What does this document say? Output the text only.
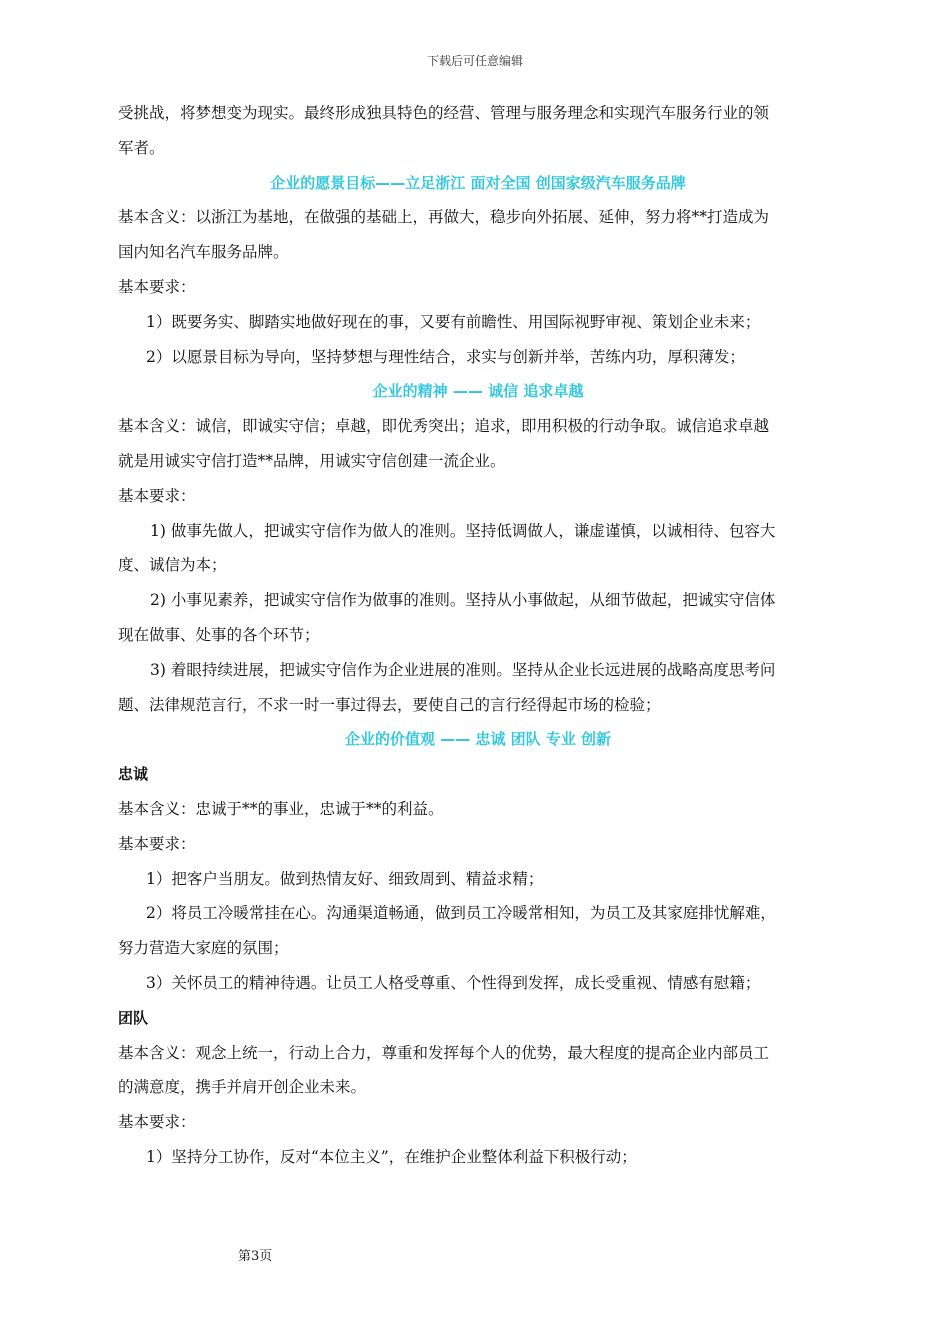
下载后可任意编辑

受挑战，将梦想变为现实。最终形成独具特色的经营、管理与服务理念和实现汽车服务行业的领

军者。

企业的愿景目标——立足浙江 面对全国 创国家级汽车服务品牌

基本含义：以浙江为基地，在做强的基础上，再做大，稳步向外拓展、延伸，努力将**打造成为

国内知名汽车服务品牌。

基本要求：

1）既要务实、脚踏实地做好现在的事，又要有前瞻性、用国际视野审视、策划企业未来；

2）以愿景目标为导向，坚持梦想与理性结合，求实与创新并举，苦练内功，厚积薄发；

企业的精神 —— 诚信 追求卓越

基本含义：诚信，即诚实守信；卓越，即优秀突出；追求，即用积极的行动争取。诚信追求卓越

就是用诚实守信打造**品牌，用诚实守信创建一流企业。

基本要求：

1) 做事先做人，把诚实守信作为做人的准则。坚持低调做人，谦虚谨慎，以诚相待、包容大

度、诚信为本；

2) 小事见素养，把诚实守信作为做事的准则。坚持从小事做起，从细节做起，把诚实守信体

现在做事、处事的各个环节；

3) 着眼持续进展，把诚实守信作为企业进展的准则。坚持从企业长远进展的战略高度思考问

题、法律规范言行，不求一时一事过得去，要使自己的言行经得起市场的检验；

企业的价值观 —— 忠诚 团队 专业 创新

忠诚

基本含义：忠诚于**的事业，忠诚于**的利益。

基本要求：

1）把客户当朋友。做到热情友好、细致周到、精益求精；

2）将员工冷暖常挂在心。沟通渠道畅通，做到员工冷暖常相知，为员工及其家庭排忧解难，

努力营造大家庭的氛围；

3）关怀员工的精神待遇。让员工人格受尊重、个性得到发挥，成长受重视、情感有慰籍；

团队

基本含义：观念上统一，行动上合力，尊重和发挥每个人的优势，最大程度的提高企业内部员工

的满意度，携手并肩开创企业未来。

基本要求：

1）坚持分工协作，反对“本位主义”，在维护企业整体利益下积极行动；

第3页
